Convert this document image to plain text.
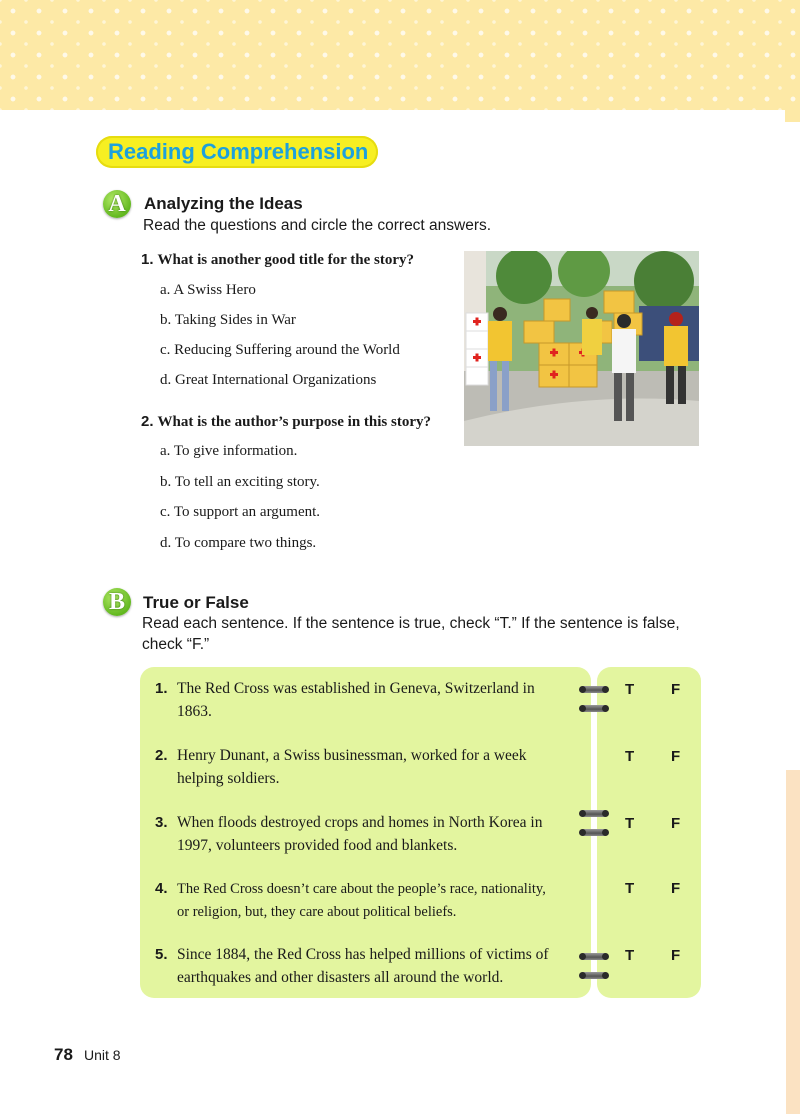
Reading Comprehension
A	Analyzing the Ideas
Read the questions and circle the correct answers.
1. What is another good title for the story?
a. A Swiss Hero
b. Taking Sides in War
c. Reducing Suffering around the World
d. Great International Organizations
2. What is the author’s purpose in this story?
a. To give information.
b. To tell an exciting story.
c. To support an argument.
d. To compare two things.
B	True or False
Read each sentence. If the sentence is true, check “T.” If the sentence is false,
check “F.”
1. The Red Cross was established in Geneva, Switzerland in
1863.
T F
2. Henry Dunant, a Swiss businessman, worked for a week
helping soldiers.
T F
3. When floods destroyed crops and homes in North Korea in
1997, volunteers provided food and blankets.
T F
4. The Red Cross doesn’t care about the people’s race, nationality,
or religion, but, they care about political beliefs.
T F
5. Since 1884, the Red Cross has helped millions of victims of
earthquakes and other disasters all around the world.
T F
78 Unit 8
